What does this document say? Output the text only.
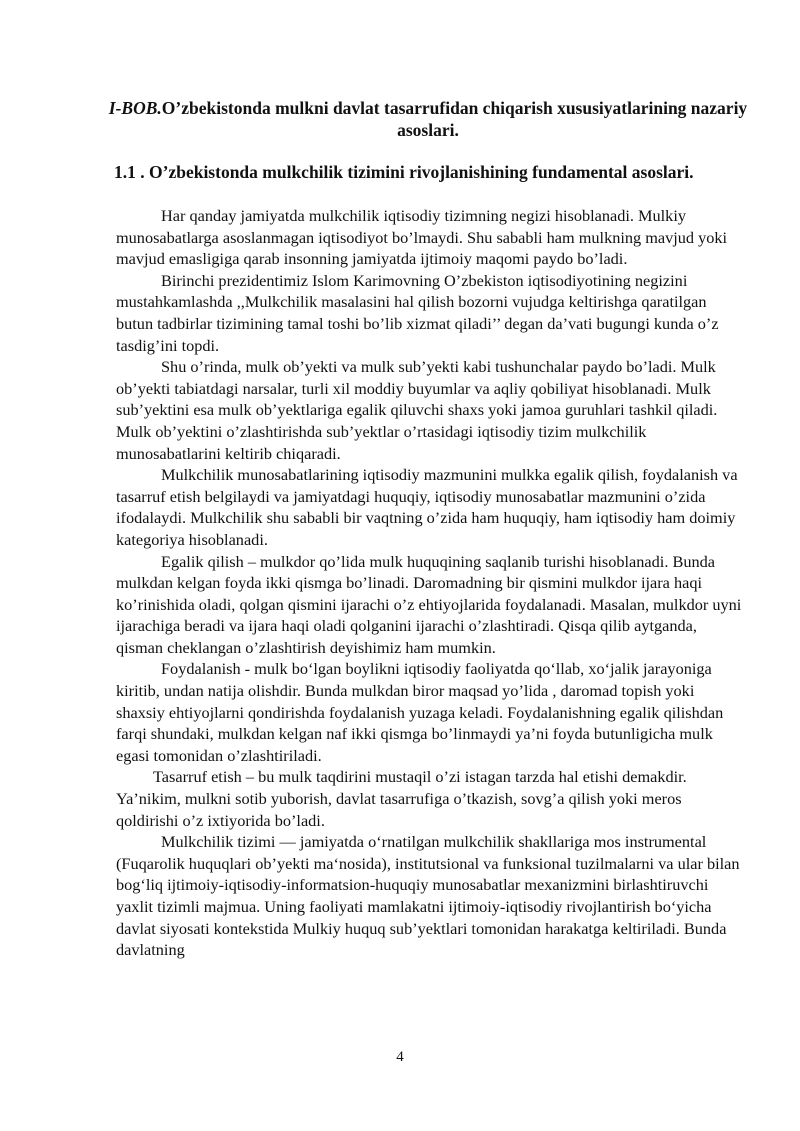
I-BOB.O’zbekistonda mulkni davlat tasarrufidan chiqarish xususiyatlarining nazariy asoslari.
1.1 . O’zbekistonda mulkchilik tizimini rivojlanishining fundamental asoslari.

Har qanday jamiyatda mulkchilik iqtisodiy tizimning negizi hisoblanadi. Mulkiy munosabatlarga asoslanmagan iqtisodiyot bo’lmaydi. Shu sababli ham mulkning mavjud yoki mavjud emasligiga qarab insonning jamiyatda ijtimoiy maqomi paydo bo’ladi.

Birinchi prezidentimiz Islom Karimovning O’zbekiston iqtisodiyotining negizini mustahkamlashda ,,Mulkchilik masalasini hal qilish bozorni vujudga keltirishga qaratilgan butun tadbirlar tizimining tamal toshi bo’lib xizmat qiladi’’ degan da’vati bugungi kunda o’z tasdig’ini topdi.

Shu o’rinda, mulk ob’yekti va mulk sub’yekti kabi tushunchalar paydo bo’ladi. Mulk ob’yekti tabiatdagi narsalar, turli xil moddiy buyumlar va aqliy qobiliyat hisoblanadi. Mulk sub’yektini esa mulk ob’yektlariga egalik qiluvchi shaxs yoki jamoa guruhlari tashkil qiladi. Mulk ob’yektini o’zlashtirishda sub’yektlar o’rtasidagi iqtisodiy tizim mulkchilik munosabatlarini keltirib chiqaradi.

Mulkchilik munosabatlarining iqtisodiy mazmunini mulkka egalik qilish, foydalanish va tasarruf etish belgilaydi va jamiyatdagi huquqiy, iqtisodiy munosabatlar mazmunini o’zida ifodalaydi. Mulkchilik shu sababli bir vaqtning o’zida ham huquqiy, ham iqtisodiy ham doimiy kategoriya hisoblanadi.

Egalik qilish – mulkdor qo’lida mulk huquqining saqlanib turishi hisoblanadi. Bunda mulkdan kelgan foyda ikki qismga bo’linadi. Daromadning bir qismini mulkdor ijara haqi ko’rinishida oladi, qolgan qismini ijarachi o’z ehtiyojlarida foydalanadi. Masalan, mulkdor uyni ijarachiga beradi va ijara haqi oladi qolganini ijarachi o’zlashtiradi. Qisqa qilib aytganda, qisman cheklangan o’zlashtirish deyishimiz ham mumkin.

Foydalanish - mulk bo‘lgan boylikni iqtisodiy faoliyatda qo‘llab, xo‘jalik jarayoniga kiritib, undan natija olishdir. Bunda mulkdan biror maqsad yo’lida , daromad topish yoki shaxsiy ehtiyojlarni qondirishda foydalanish yuzaga keladi. Foydalanishning egalik qilishdan farqi shundaki, mulkdan kelgan naf ikki qismga bo’linmaydi ya’ni foyda butunligicha mulk egasi tomonidan o’zlashtiriladi.

Tasarruf etish – bu mulk taqdirini mustaqil o’zi istagan tarzda hal etishi demakdir. Ya’nikim, mulkni sotib yuborish, davlat tasarrufiga o’tkazish, sovg’a qilish yoki meros qoldirishi o’z ixtiyorida bo’ladi.

Mulkchilik tizimi — jamiyatda o‘rnatilgan mulkchilik shakllariga mos instrumental (Fuqarolik huquqlari ob’yekti ma‘nosida), institutsional va funksional tuzilmalarni va ular bilan bog‘liq ijtimoiy-iqtisodiy-informatsion-huquqiy munosabatlar mexanizmini birlashtiruvchi yaxlit tizimli majmua. Uning faoliyati mamlakatni ijtimoiy-iqtisodiy rivojlantirish bo‘yicha davlat siyosati kontekstida Mulkiy huquq sub’yektlari tomonidan harakatga keltiriladi. Bunda davlatning

4
